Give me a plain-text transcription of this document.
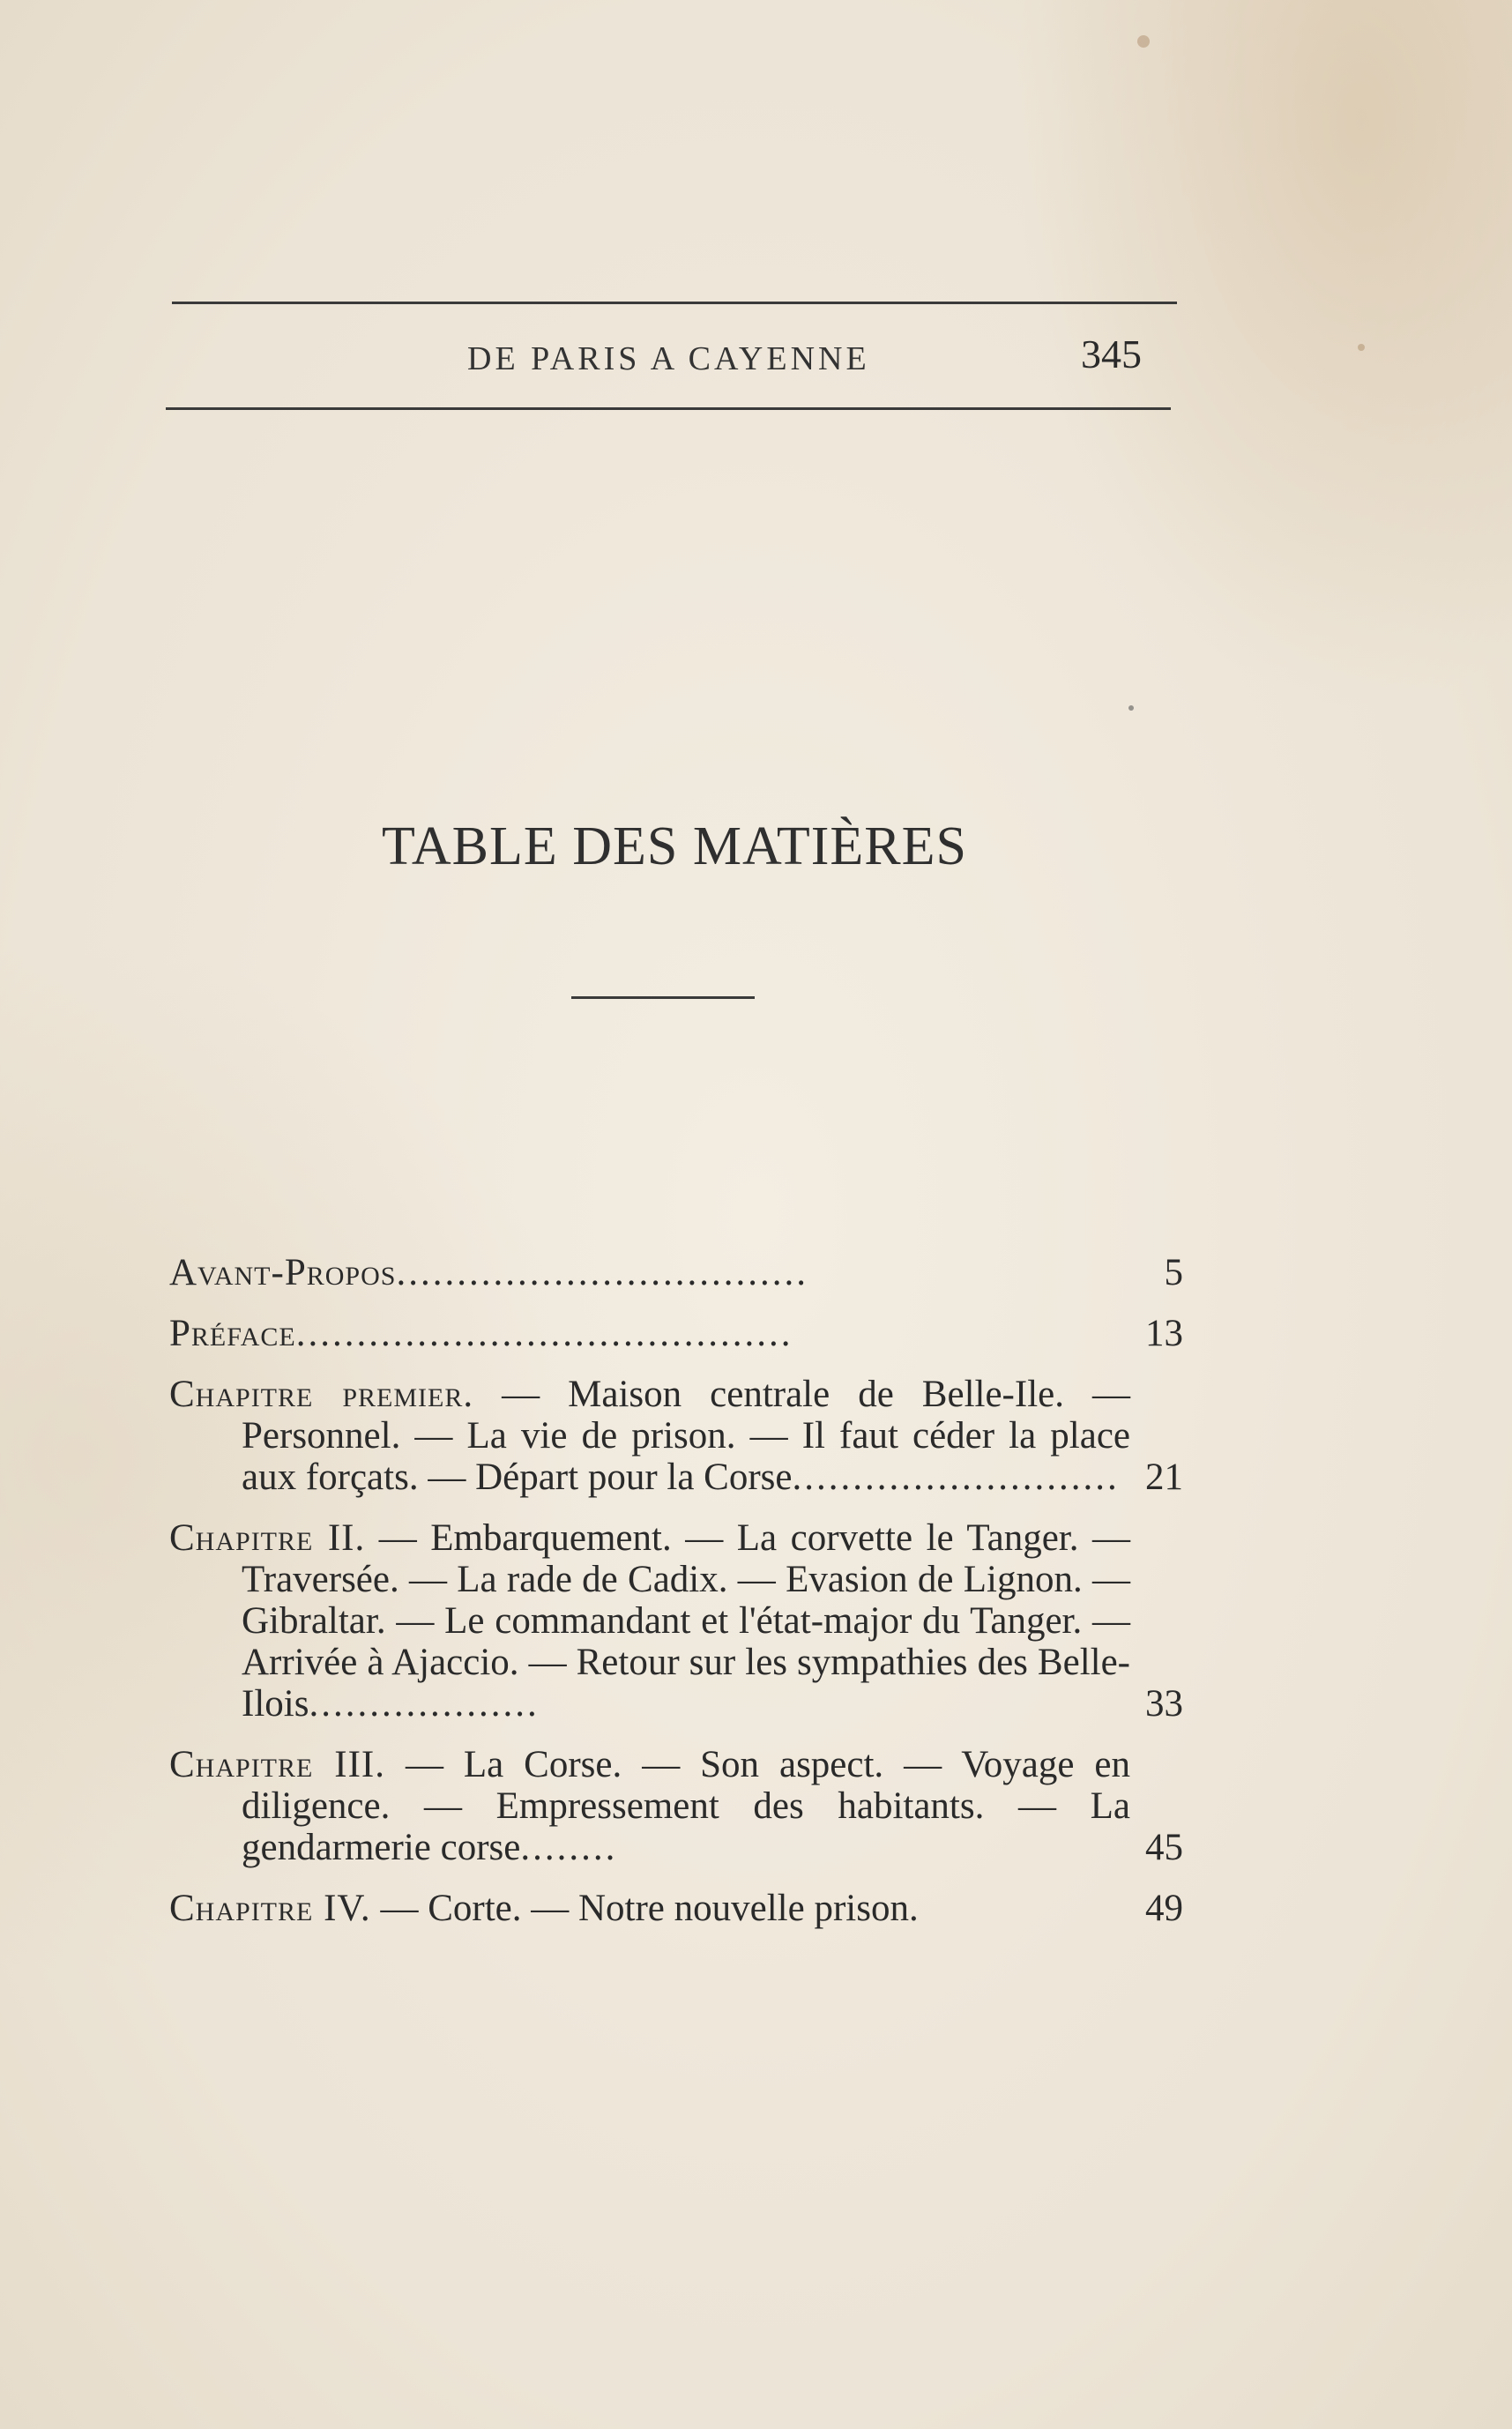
DE PARIS A CAYENNE	345
TABLE DES MATIÈRES
Avant-Propos..................................	5
Préface.........................................	13
Chapitre premier. — Maison centrale de Belle-Ile. — Personnel. — La vie de prison. — Il faut céder la place aux forçats. — Départ pour la Corse........................... 21
Chapitre II. — Embarquement. — La corvette le Tanger. — Traversée. — La rade de Cadix. — Evasion de Lignon. — Gibraltar. — Le commandant et l'état-major du Tanger. — Arrivée à Ajaccio. — Retour sur les sympathies des Belle-Ilois...................	33
Chapitre III. — La Corse. — Son aspect. — Voyage en diligence. — Empressement des habitants. — La gendarmerie corse........	45
Chapitre IV. — Corte. — Notre nouvelle prison.	49
